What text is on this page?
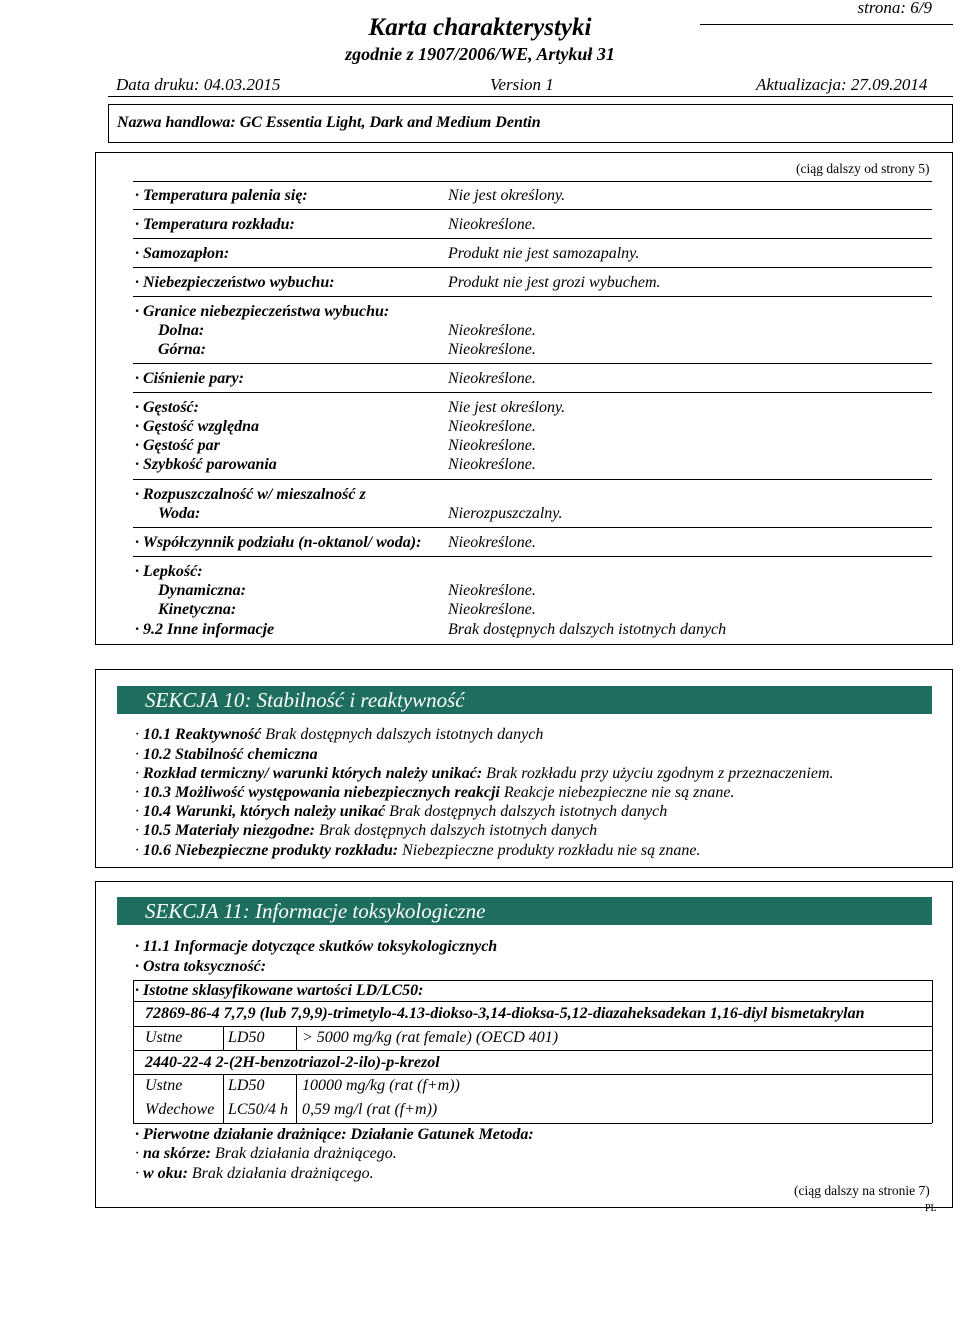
strona: 6/9
Karta charakterystyki
zgodnie z 1907/2006/WE, Artykuł 31
Data druku: 04.03.2015	Version 1	Aktualizacja: 27.09.2014
Nazwa handlowa: GC Essentia Light, Dark and Medium Dentin
(ciąg dalszy od strony 5)
· Temperatura palenia się:	Nie jest określony.
· Temperatura rozkładu:	Nieokreślone.
· Samozapłon:	Produkt nie jest samozapalny.
· Niebezpieczeństwo wybuchu:	Produkt nie jest grozi wybuchem.
· Granice niebezpieczeństwa wybuchu:
Dolna:	Nieokreślone.
Górna:	Nieokreślone.
· Ciśnienie pary:	Nieokreślone.
· Gęstość:	Nie jest określony.
· Gęstość względna	Nieokreślone.
· Gęstość par	Nieokreślone.
· Szybkość parowania	Nieokreślone.
· Rozpuszczalność w/ mieszalność z
Woda:	Nierozpuszczalny.
· Współczynnik podziału (n-oktanol/ woda): Nieokreślone.
· Lepkość:
Dynamiczna:	Nieokreślone.
Kinetyczna:	Nieokreślone.
· 9.2 Inne informacje	Brak dostępnych dalszych istotnych danych
SEKCJA 10: Stabilność i reaktywność
· 10.1 Reaktywność Brak dostępnych dalszych istotnych danych
· 10.2 Stabilność chemiczna
· Rozkład termiczny/ warunki których należy unikać: Brak rozkładu przy użyciu zgodnym z przeznaczeniem.
· 10.3 Możliwość występowania niebezpiecznych reakcji Reakcje niebezpieczne nie są znane.
· 10.4 Warunki, których należy unikać Brak dostępnych dalszych istotnych danych
· 10.5 Materiały niezgodne: Brak dostępnych dalszych istotnych danych
· 10.6 Niebezpieczne produkty rozkładu: Niebezpieczne produkty rozkładu nie są znane.
SEKCJA 11: Informacje toksykologiczne
· 11.1 Informacje dotyczące skutków toksykologicznych
· Ostra toksyczność:
· Istotne sklasyfikowane wartości LD/LC50:
72869-86-4 7,7,9 (lub 7,9,9)-trimetylo-4.13-diokso-3,14-dioksa-5,12-diazaheksadekan 1,16-diyl bismetakrylan
Ustne	LD50 > 5000 mg/kg (rat female) (OECD 401)
2440-22-4 2-(2H-benzotriazol-2-ilo)-p-krezol
Ustne	LD50 10000 mg/kg (rat (f+m))
Wdechowe LC50/4 h 0,59 mg/l (rat (f+m))
· Pierwotne działanie drażniące: Działanie Gatunek Metoda:
· na skórze: Brak działania drażniącego.
· w oku: Brak działania drażniącego.
(ciąg dalszy na stronie 7)
PL
